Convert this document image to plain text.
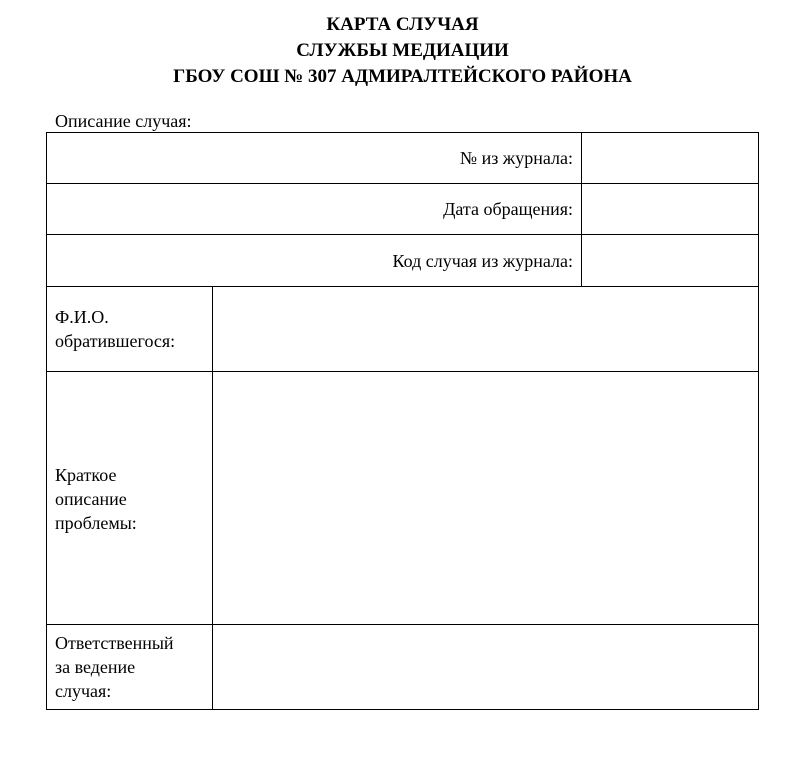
КАРТА СЛУЧАЯ
СЛУЖБЫ МЕДИАЦИИ
ГБОУ СОШ № 307 АДМИРАЛТЕЙСКОГО РАЙОНА
Описание случая:
№ из журнала:
Дата обращения:
Код случая из журнала:
Ф.И.О.
обратившегося:
Краткое
описание
проблемы:
Ответственный
за ведение
случая:
